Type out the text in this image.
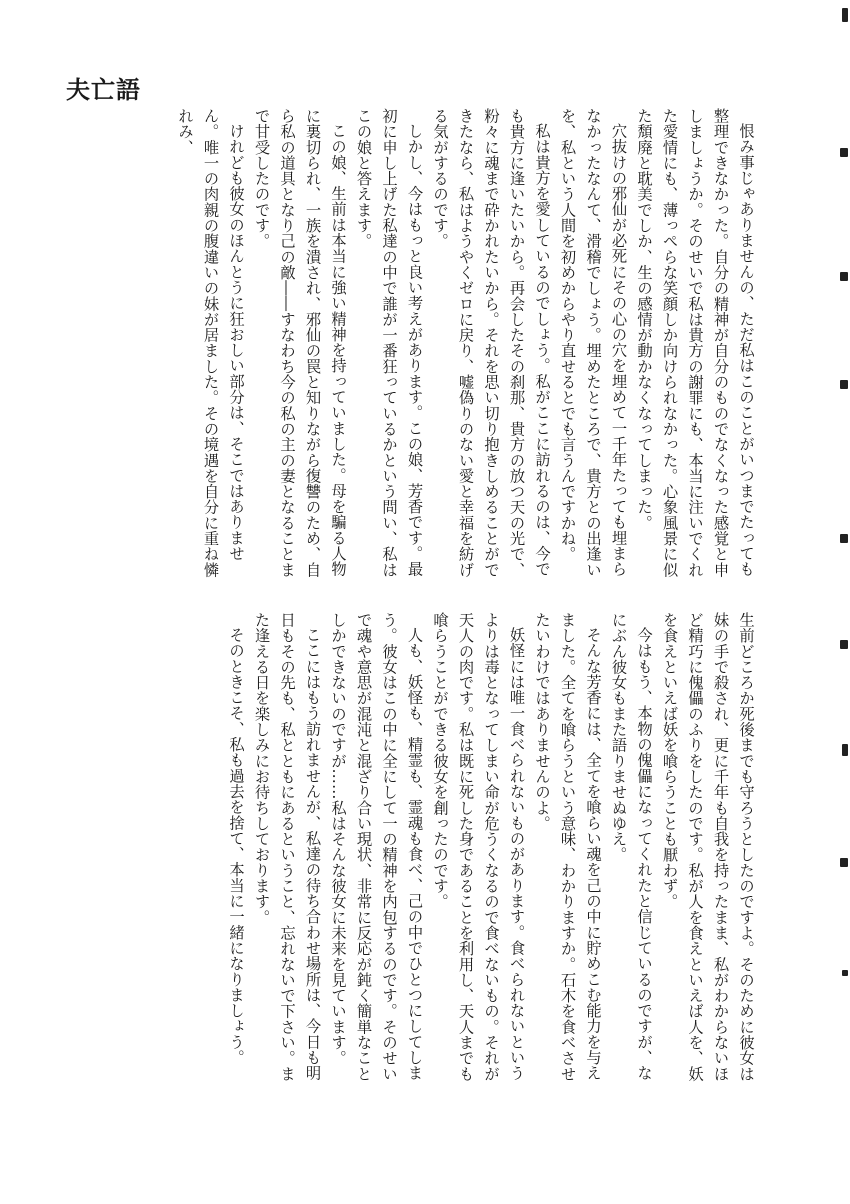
夫亡語

恨み事じゃありませんの、ただ私はこのことがいつまでたっても整理できなかった。自分の精神が自分のものでなくなった感覚と申しましょうか。そのせいで私は貴方の謝罪にも、本当に注いでくれた愛情にも、薄っぺらな笑顔しか向けられなかった。心象風景に似た頽廃と耽美でしか、生の感情が動かなくなってしまった。

穴抜けの邪仙が必死にその心の穴を埋めて一千年たっても埋まらなかったなんて、滑稽でしょう。埋めたところで、貴方との出逢いを、私という人間を初めからやり直せるとでも言うんですかね。

私は貴方を愛しているのでしょう。私がここに訪れるのは、今でも貴方に逢いたいから。再会したその刹那、貴方の放つ天の光で、粉々に魂まで砕かれたいから。それを思い切り抱きしめることができたなら、私はようやくゼロに戻り、嘘偽りのない愛と幸福を紡げる気がするのです。

しかし、今はもっと良い考えがあります。この娘、芳香です。最初に申し上げた私達の中で誰が一番狂っているかという問い、私はこの娘と答えます。

この娘、生前は本当に強い精神を持っていました。母を騙る人物に裏切られ、一族を潰され、邪仙の罠と知りながら復讐のため、自ら私の道具となり己の敵――すなわち今の私の主の妻となることまで甘受したのです。

けれども彼女のほんとうに狂おしい部分は、そこではありません。唯一の肉親の腹違いの妹が居ました。その境遇を自分に重ね憐れみ、

生前どころか死後までも守ろうとしたのですよ。そのために彼女は妹の手で殺され、更に千年も自我を持ったまま、私がわからないほど精巧に傀儡のふりをしたのです。私が人を食えといえば人を、妖を食えといえば妖を喰らうことも厭わず。

今はもう、本物の傀儡になってくれたと信じているのですが、なにぶん彼女もまた語りませぬゆえ。

そんな芳香には、全てを喰らい魂を己の中に貯めこむ能力を与えました。全てを喰らうという意味、わかりますか。石木を食べさせたいわけではありませんのよ。

妖怪には唯一食べられないものがあります。食べられないというよりは毒となってしまい命が危うくなるので食べないもの。それが天人の肉です。私は既に死した身であることを利用し、天人までも喰らうことができる彼女を創ったのです。

人も、妖怪も、精霊も、霊魂も食べ、己の中でひとつにしてしまう。彼女はこの中に全にして一の精神を内包するのです。そのせいで魂や意思が混沌と混ざり合い現状、非常に反応が鈍く簡単なことしかできないのですが……私はそんな彼女に未来を見ています。

ここにはもう訪れませんが、私達の待ち合わせ場所は、今日も明日もその先も、私とともにあるということ、忘れないで下さい。また逢える日を楽しみにお待ちしております。

そのときこそ、私も過去を捨て、本当に一緒になりましょう。
